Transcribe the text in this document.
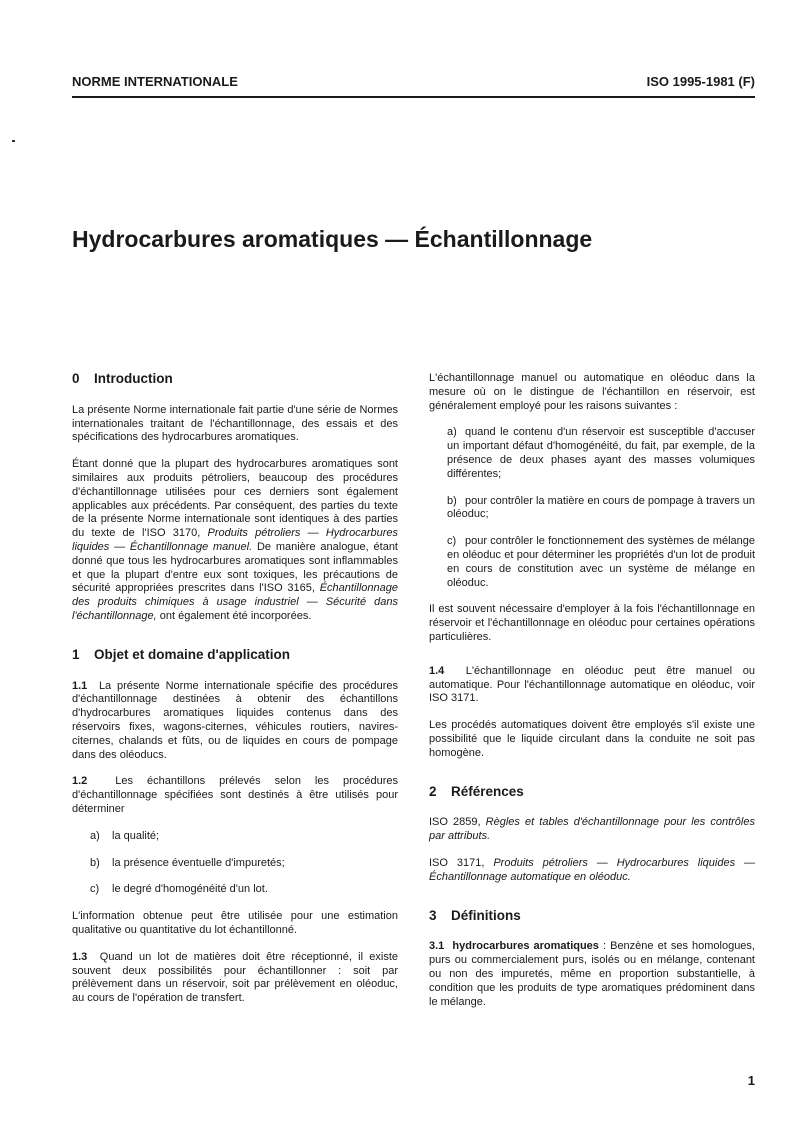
NORME INTERNATIONALE	ISO 1995-1981 (F)
Hydrocarbures aromatiques — Échantillonnage
0 Introduction

La présente Norme internationale fait partie d'une série de Normes internationales traitant de l'échantillonnage, des essais et des spécifications des hydrocarbures aromatiques.

Étant donné que la plupart des hydrocarbures aromatiques sont similaires aux produits pétroliers, beaucoup des procédures d'échantillonnage utilisées pour ces derniers sont également applicables aux précédents. Par conséquent, des parties du texte de la présente Norme internationale sont identiques à des parties du texte de l'ISO 3170, Produits pétroliers — Hydrocarbures liquides — Échantillonnage manuel. De manière analogue, étant donné que tous les hydrocarbures aromatiques sont inflammables et que la plupart d'entre eux sont toxiques, les précautions de sécurité appropriées prescrites dans l'ISO 3165, Échantillonnage des produits chimiques à usage industriel — Sécurité dans l'échantillonnage, ont également été incorporées.

1 Objet et domaine d'application

1.1 La présente Norme internationale spécifie des procédures d'échantillonnage destinées à obtenir des échantillons d'hydrocarbures aromatiques liquides contenus dans des réservoirs fixes, wagons-citernes, véhicules routiers, navires-citernes, chalands et fûts, ou de liquides en cours de pompage dans des oléoducs.

1.2	Les échantillons prélevés selon les procédures d'échantillonnage spécifiées sont destinés à être utilisés pour déterminer

a) la qualité;
b) la présence éventuelle d'impuretés;
c) le degré d'homogénéité d'un lot.

L'information obtenue peut être utilisée pour une estimation qualitative ou quantitative du lot échantillonné.

1.3 Quand un lot de matières doit être réceptionné, il existe souvent deux possibilités pour échantillonner : soit par prélèvement dans un réservoir, soit par prélèvement en oléoduc, au cours de l'opération de transfert.

L'échantillonnage manuel ou automatique en oléoduc dans la mesure où on le distingue de l'échantillon en réservoir, est généralement employé pour les raisons suivantes :

a) quand le contenu d'un réservoir est susceptible d'accuser un important défaut d'homogénéité, du fait, par exemple, de la présence de deux phases ayant des masses volumiques différentes;
b) pour contrôler la matière en cours de pompage à travers un oléoduc;
c) pour contrôler le fonctionnement des systèmes de mélange en oléoduc et pour déterminer les propriétés d'un lot de produit en cours de constitution avec un système de mélange en oléoduc.

Il est souvent nécessaire d'employer à la fois l'échantillonnage en réservoir et l'échantillonnage en oléoduc pour certaines opérations particulières.

1.4 L'échantillonnage en oléoduc peut être manuel ou automatique. Pour l'échantillonnage automatique en oléoduc, voir ISO 3171.

Les procédés automatiques doivent être employés s'il existe une possibilité que le liquide circulant dans la conduite ne soit pas homogène.

2 Références

ISO 2859, Règles et tables d'échantillonnage pour les contrôles par attributs.

ISO 3171, Produits pétroliers — Hydrocarbures liquides — Échantillonnage automatique en oléoduc.

3 Définitions

3.1 hydrocarbures aromatiques : Benzène et ses homologues, purs ou commercialement purs, isolés ou en mélange, contenant ou non des impuretés, même en proportion substantielle, à condition que les produits de type aromatiques prédominent dans le mélange.

1
